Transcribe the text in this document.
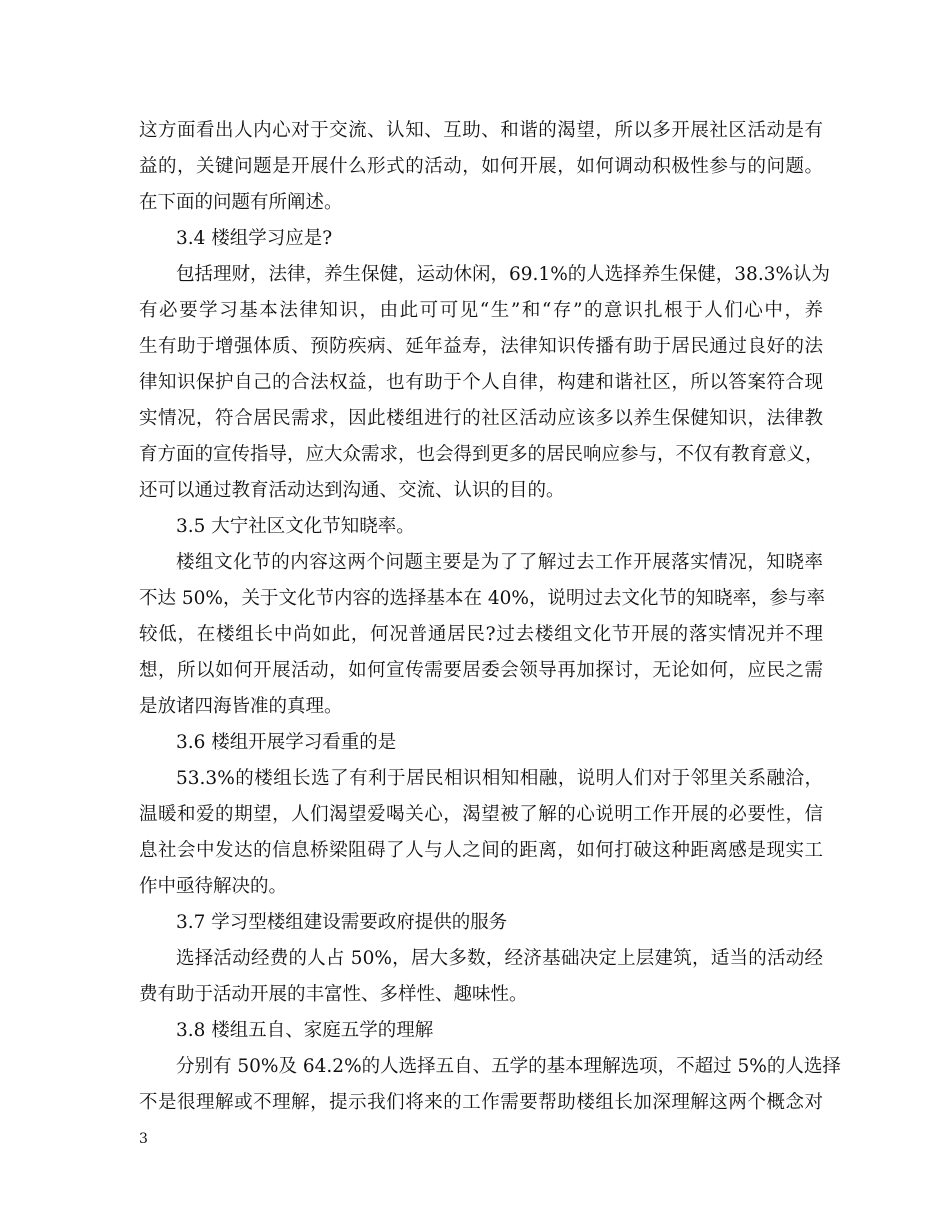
这方面看出人内心对于交流、认知、互助、和谐的渴望，所以多开展社区活动是有
益的，关键问题是开展什么形式的活动，如何开展，如何调动积极性参与的问题。
在下面的问题有所阐述。
3.4 楼组学习应是?
包括理财，法律，养生保健，运动休闲，69.1%的人选择养生保健，38.3%认为
有必要学习基本法律知识，由此可可见“生”和“存”的意识扎根于人们心中，养
生有助于增强体质、预防疾病、延年益寿，法律知识传播有助于居民通过良好的法
律知识保护自己的合法权益，也有助于个人自律，构建和谐社区，所以答案符合现
实情况，符合居民需求，因此楼组进行的社区活动应该多以养生保健知识，法律教
育方面的宣传指导，应大众需求，也会得到更多的居民响应参与，不仅有教育意义，
还可以通过教育活动达到沟通、交流、认识的目的。
3.5 大宁社区文化节知晓率。
楼组文化节的内容这两个问题主要是为了了解过去工作开展落实情况，知晓率
不达 50%，关于文化节内容的选择基本在 40%，说明过去文化节的知晓率，参与率
较低，在楼组长中尚如此，何况普通居民?过去楼组文化节开展的落实情况并不理
想，所以如何开展活动，如何宣传需要居委会领导再加探讨，无论如何，应民之需
是放诸四海皆准的真理。
3.6 楼组开展学习看重的是
53.3%的楼组长选了有利于居民相识相知相融，说明人们对于邻里关系融洽，
温暖和爱的期望，人们渴望爱喝关心，渴望被了解的心说明工作开展的必要性，信
息社会中发达的信息桥梁阻碍了人与人之间的距离，如何打破这种距离感是现实工
作中亟待解决的。
3.7 学习型楼组建设需要政府提供的服务
选择活动经费的人占 50%，居大多数，经济基础决定上层建筑，适当的活动经
费有助于活动开展的丰富性、多样性、趣味性。
3.8 楼组五自、家庭五学的理解
分别有 50%及 64.2%的人选择五自、五学的基本理解选项，不超过 5%的人选择
不是很理解或不理解，提示我们将来的工作需要帮助楼组长加深理解这两个概念对
3
